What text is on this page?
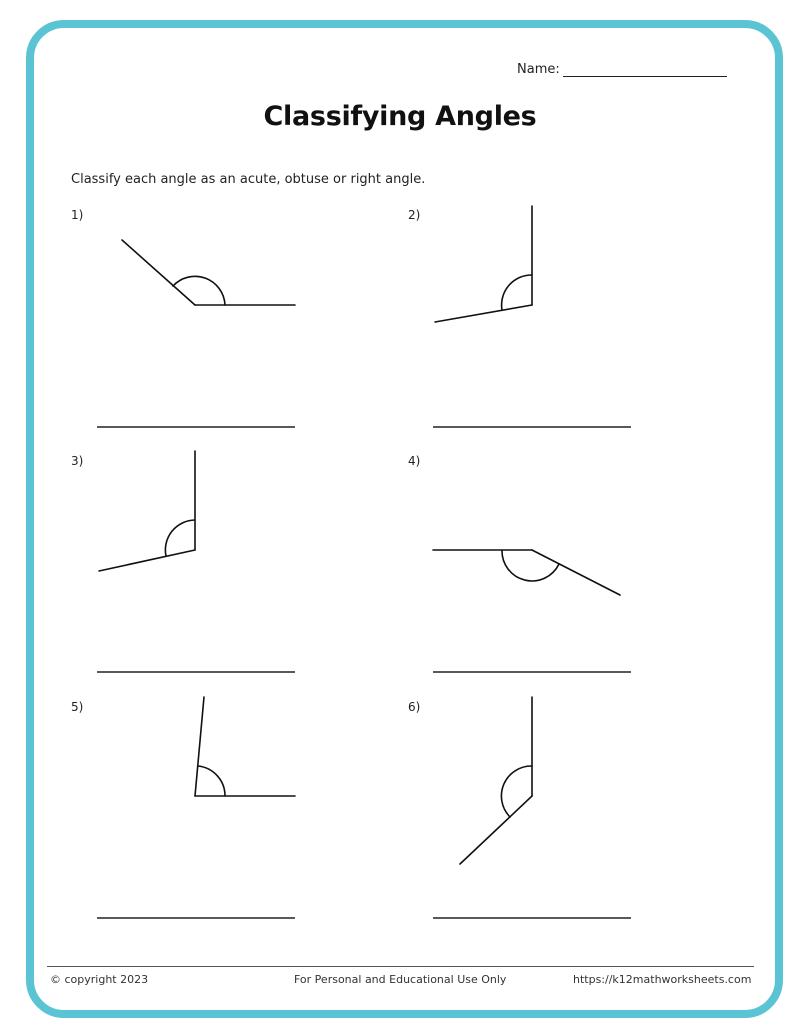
Name:
Classifying Angles
Classify each angle as an acute, obtuse or right angle.
1)	2)
3)	4)
5)	6)
© copyright 2023	For Personal and Educational Use Only	https://k12mathworksheets.com
